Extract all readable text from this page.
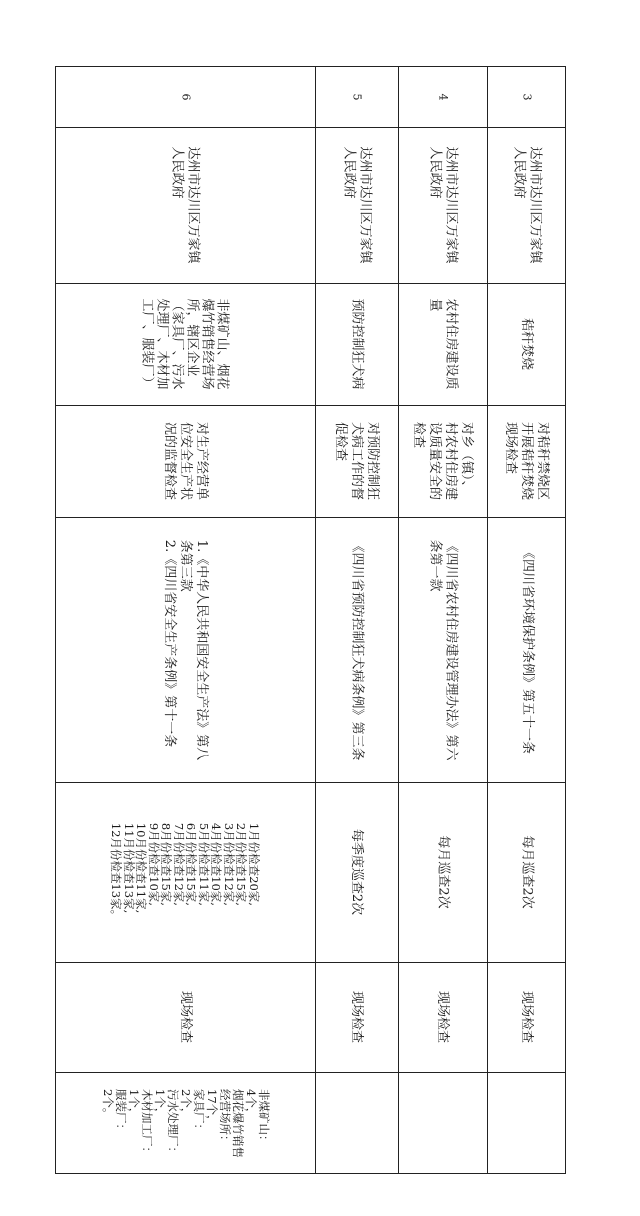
3
达州市达川区万家镇
人民政府
秸秆焚烧
对秸秆禁烧区
开展秸秆焚烧
现场检查
《四川省环境保护条例》第五十一条
每月巡查2次
现场检查
4
达州市达川区万家镇
人民政府
农村住房建设质
量
对乡（镇）、
村农村住房建
设质量安全的
检查
《四川省农村住房建设管理办法》第六
条第一款
每月巡查2次
现场检查
5
达州市达川区万家镇
人民政府
预防控制狂犬病
对预防控制狂
犬病工作的督
促检查
《四川省预防控制狂犬病条例》第三条
每季度巡查2次
现场检查
6
达州市达川区万家镇
人民政府
非煤矿山、烟花
爆竹销售经营场
所，辖区企业
（家具厂、污水
处理厂、木材加
工厂、服装厂）
对生产经营单
位安全生产状
况的监督检查
1.《中华人民共和国安全生产法》第八
条第三款
2.《四川省安全生产条例》第十一条
1月份检查20家,
2月份检查15家,
3月份检查12家,
4月份检查10家,
5月份检查11家,
6月份检查15家,
7月份检查12家,
8月份检查15家,
9月份检查10家,
10月份检查11家,
11月份检查13家,
12月份检查13家。
现场检查
非煤矿山：
4个，
烟花爆竹销售
经营场所：
17个，
家具厂：
2个，
污水处理厂：
1个，
木材加工厂：
1个，
服装厂：
2个。
